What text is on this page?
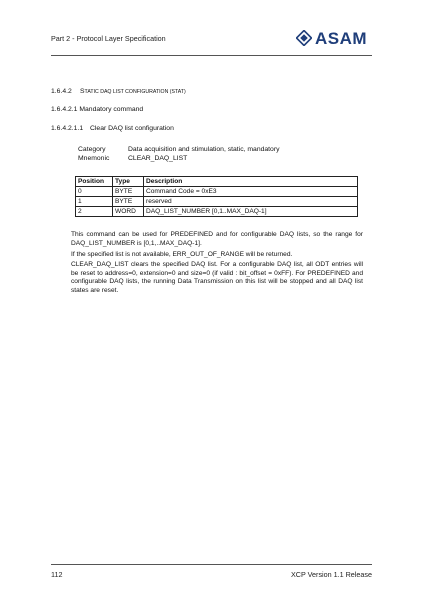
Part 2 - Protocol Layer Specification	ASAM
1.6.4.2 STATIC DAQ LIST CONFIGURATION (STAT)
1.6.4.2.1 Mandatory command
1.6.4.2.1.1 Clear DAQ list configuration
Category	Data acquisition and stimulation, static, mandatory
Mnemonic	CLEAR_DAQ_LIST
Position	Type	Description
0	BYTE	Command Code = 0xE3
1	BYTE	reserved
2	WORD	DAQ_LIST_NUMBER [0,1..MAX_DAQ-1]
This command can be used for PREDEFINED and for configurable DAQ lists, so the range for DAQ_LIST_NUMBER is [0,1,..MAX_DAQ-1].
If the specified list is not available, ERR_OUT_OF_RANGE will be returned.
CLEAR_DAQ_LIST clears the specified DAQ list. For a configurable DAQ list, all ODT entries will be reset to address=0, extension=0 and size=0 (if valid : bit_offset = 0xFF). For PREDEFINED and configurable DAQ lists, the running Data Transmission on this list will be stopped and all DAQ list states are reset.
112	XCP Version 1.1 Release
